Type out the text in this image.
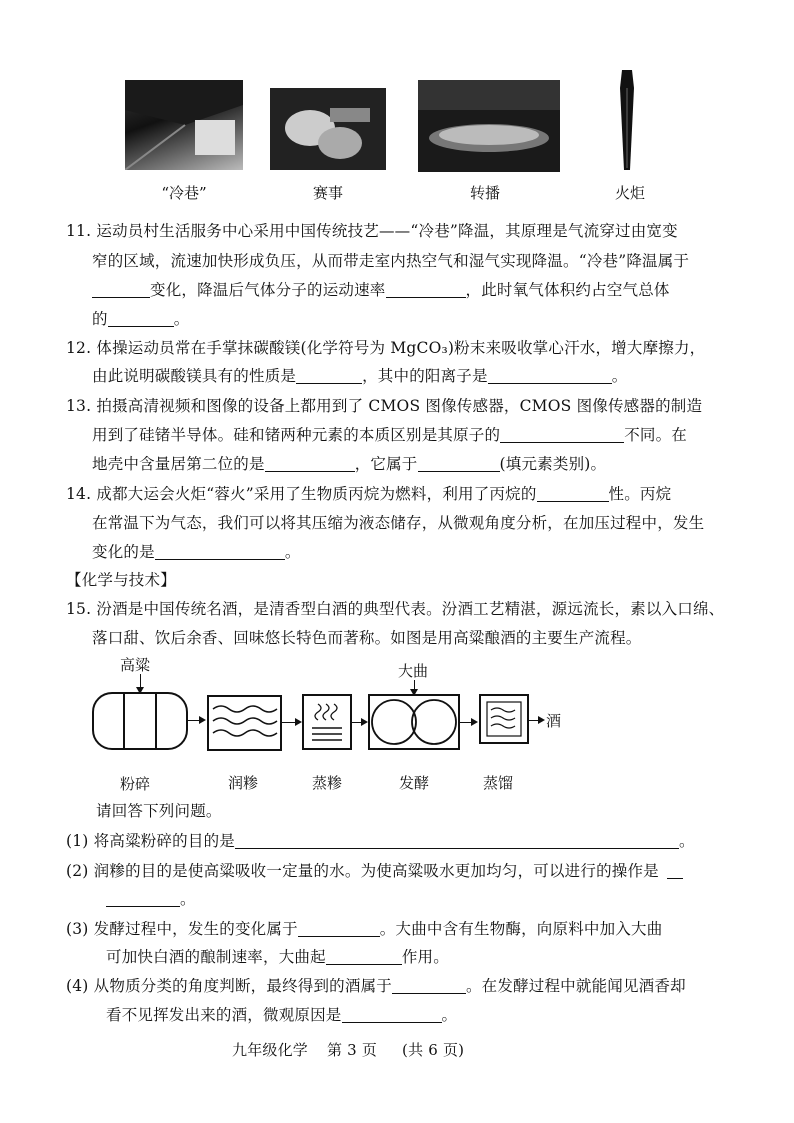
“冷巷”	赛事	转播	火炬
11. 运动员村生活服务中心采用中国传统技艺——“冷巷”降温，其原理是气流穿过由宽变
窄的区域，流速加快形成负压，从而带走室内热空气和湿气实现降温。“冷巷”降温属于
变化，降温后气体分子的运动速率	，此时氧气体积约占空气总体
的	。
12. 体操运动员常在手掌抹碳酸镁(化学符号为 MgCO₃)粉末来吸收掌心汗水，增大摩擦力，
由此说明碳酸镁具有的性质是	，其中的阳离子是	。
13. 拍摄高清视频和图像的设备上都用到了 CMOS 图像传感器，CMOS 图像传感器的制造
用到了硅锗半导体。硅和锗两种元素的本质区别是其原子的	不同。在
地壳中含量居第二位的是	，它属于	(填元素类别)。
14. 成都大运会火炬“蓉火”采用了生物质丙烷为燃料，利用了丙烷的	性。丙烷
在常温下为气态，我们可以将其压缩为液态储存，从微观角度分析，在加压过程中，发生
变化的是	。
【化学与技术】
15. 汾酒是中国传统名酒，是清香型白酒的典型代表。汾酒工艺精湛，源远流长，素以入口绵、
落口甜、饮后余香、回味悠长特色而著称。如图是用高粱酿酒的主要生产流程。
高粱	大曲
酒
粉碎	润糁	蒸糁	发酵	蒸馏
请回答下列问题。
(1) 将高粱粉碎的目的是	。
(2) 润糁的目的是使高粱吸收一定量的水。为使高粱吸水更加均匀，可以进行的操作是
。
(3) 发酵过程中，发生的变化属于	。大曲中含有生物酶，向原料中加入大曲
可加快白酒的酿制速率，大曲起	作用。
(4) 从物质分类的角度判断，最终得到的酒属于	。在发酵过程中就能闻见酒香却
看不见挥发出来的酒，微观原因是	。
九年级化学 第 3 页 (共 6 页)
